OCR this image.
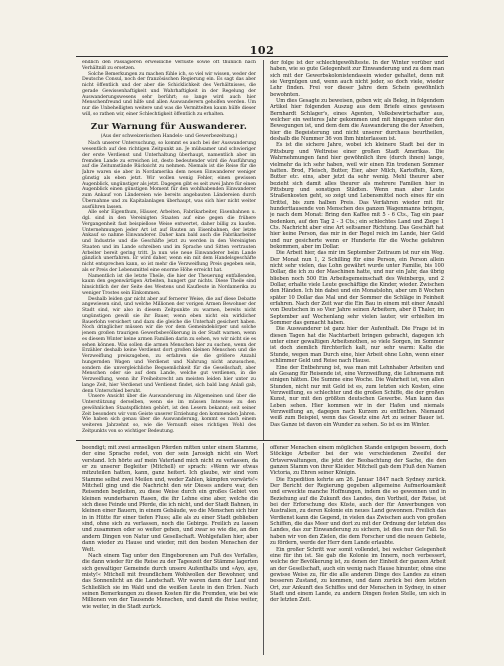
102

endlich den Passagieren erweisliche Verluste sowie oft thunlich nach Verhältniß zu ersetzen.

Solche Bemerkungen zu machen fühle ich, so viel wir wissen, weder der Deutsche Consul, noch der französischen Regierung ein. Es sagt das aber nicht öffentlich und der aber die Schicklichkeit des Verhältnisses, die gerade Gewissenhaftigkeit und Wahrhaftigkeit in der Regelung der Auswanderungswesens sehr berührt; so lange wird auch hier Menschenfreund und hilfe und allen Auswanderern geholfen werden. Um nur die Unbehelligten weitere und was die Vermittelten kaum hülfe dieser will, so rathen wir, einer Schlechtigkeit öffentlich zu erhalten.

Zur Warnung für Auswanderer.
(Aus der schweizerischen Handels- und Gewerbezeitung.)

Nach unserer Untersuchung, so kommt es auch bei der Auswanderung wesentlich auf den richtigen Zeitpunkt an. Je mühsamer und schwieriger der erste Verdienst und Unterhaltung überhaupt, namentlich aber im fremden Lande zu erreichen ist, desto bedeutender wird die Ausführung auf die Zeitumstände Rücksicht zu nehmen. Niemals ist die Reise für die Jahre waren sie aber in Nordamerika dem neuen Einwanderer weniger günstig als eben jetzt. Wir wollen wenig Fehler, einen gewissen Augenblick, ungünstiger als jetzt. Dagegen gibt es seit zwei Jahre für einen Augenblick einen günstigen Moment für den wohlhabenden Einwanderer zum Ankauf von Ländereien wie bereits angebauten Ländereien durch Übernahme und zu Kapitalanlagen überhaupt, was sich hier nicht weiter ausführen lassen.

Alle sehr Eigenthum, Häuser, Arbeiten, Fabrikarbeiter, Eisenbahnen u. dgl. sind in den Vereinigten Staaten auf eine gegen die frühere Vergangenheit fast beispiellose Weise entwertet, daher billig zu kaufen. Unternehmungen jeder Art ist auf Bauten an Eisenbahnen, der letzte Ankauf so nahme Einwanderer. Daher kam bald auch die Fabrikarbeiter und Industrie und die Geschäfte jetzt zu werden in den Vereinigten Staaten und im Lande schreiben und im Sprache und Sitten vertrauten Arbeiter bereit gering tritt. Ja nun wie neue Einwanderer beim Lande gänzlich unerfahren. Er wird daher, wenn ein mit dem Handelsgeschäfte nicht entsprechen kann, so ist mehr die Verzweiflung Preis gegeben sein, als er Preis der Lebensmittel eine enorme Höhe erreicht hat.

Namentlich ist die letzte Theile, die hier der Theuerung entfallenden, kaum den gegenwärtigen Arbeiten, hungert gar nichts. Diese Theile sind hinsichtlich der der Seite des Westens und Kaufleute in Nordamerika zu weniger Trostes sein Einkommen.

Deshalb leiden gar nicht aber auf fernerer Weise, die auf diese Debatte angewiesen sind, und welche Millionen der vorigen Armen Bewohner der Stadt sind, wir also in diesem Zeitpunkte zu warnen, bereits nicht ungünstigen gewiß sie ihr Bauer, wenn eben nicht ein wirklicher Bauerlohn versichert und dazu die gleiche die Unterhalt gesichert haben. Noch dringlicher müssen wir die vor dem Gemeindekörper und solche jenem großen traurigen Gewerbsbevölkerung in der Stadt warnen, wenn es diesem Winter keine armen Familien darin zu sehen, wo wir nicht sie es sehen können. Was sollen die armen Menschen hier zu suchen, wenn der Erzähler deshalb keine Verdienst dort großen kleinen Menschen und die Verzweiflung preiszugeben, zu erfahren sie die größere Anzahl hungernden Wagen und Verdienst und Nahrung nicht anzusuchen, sondern die unvergleichliche Bequemlichkeit für die Gesellschaft, aber Menschen oder sie auf dem Lande, welche gut verdienen, in die Verzweiflung, wenn ihr Freiheitsrecht am meisten leiden hier unter zu lange Zeit, hier Verdienst und Verdienst findet, sich bald lang Anlaß gab, denn Unterschied beruht.

Unsere Ansicht über die Auswanderung im Allgemeinen und über die Unterstützung derselben, wenn sie im müssen Interesse zu den gewöhnlichen Staatspflichten gehört, ist den Lesern bekannt; seit seiner Zeit besonders wir vom Geiste unserer Erziehung den kommenden Jahren. Wie haben sich genau über die Auswanderung, kommt es nach einem weiteren Jahrzehnt so, wie die Vernunft eines richtigen Wohl des Zeitpunkts von so wichtiger Bedeutung.

der folge ist der schlechtgewöhlteste. In der Winter vorüber und haben, wie so gute Gelegenheit zur Einwanderung und zu dem man sich mit der Gewerbskolonistendasein wieder gehaltet, denn mit sie Vergnügen und, wenn auch nicht jeder, so doch viele, wieder Lehr finden. Frei vor dieser Jahre dem Schein gewöhnlich bewohnten.

Um dies Gesagte zu beweisen, geben wir, als Beleg, in folgendem Artikel hier folgenden Auszug aus dem Briefe eines gewissen Bernhardt Schlager's, eines Agenten, Volksbewirtschafter aus, welcher ein weiteres Jahr gekommen und mit hingegen unter den Bewegungen ist, und dem dem die Auswanderung die der Ansehen, hier die Begeisterung und nicht unserer durchaus beurtheilen, deshalb die Nummer 36 von Ihm hinterlassen ist.

Es ist die sichere Jahre, wobei ich kleinere Stadt bei der in Pittsburg und Weltreise einer großen Stadt Amerikas. Die Wahrnehmungen fand hier gewöhnlich ihre (durch ihnen) lange, vielmehr da ich sehr haben, weil wir einen Ein trodenen Sommer hatten. Brod, Fleisch, Butter, Eier, aber Milch, Kartoffeln, Korn, Butter etc. eins, aber jetzt da sehr wenig. Mehl theurer aber bezieht sich damit alles theurer als mehrere Familien hier in Pittsburg und sonstigen Städten. Wenn man aber Leute Straßenkosten geht, so zeigt und Lebensmittel noch eines für ein Drittel, bis zum halben Preis. Das Verfahren wieder mit für hunderttausende von Menschen des ganzen Wagenmanns bringen, je nach dem Monat: Bring den Kaffee mit 5 - 6 Cts., Tag ein paar bedenken, auf den Tag 2 - 3 Cts.; ein schlechtes Land und Ziege 1 Cts. Nachricht aber eine Art seltsamer Richtung. Das Geschäft hat hier keine Person, das mir in der Regel reich im Lande, hier Geld und nur gesicherte wenn er Hunderte für die Woche gefahren bekommen, aber im Dollar.

Die Arbeit hier, das mir im September Zeitraum ist nur ein Weg. Der Monat nun 1, 2 Schilling für eine Person, ein Person allein nicht sehr vielen, das Lohn gewährt wurde unter Familie, bis 100 Dollar, die ich zu der Maschinen hatte, und nur ein Jahr, das übrig blieben noch 500 Ein Arbeitsgemeinschaft des Weinbergs, und 2 Dollar, erhalte viele Leute geschäftige die Kinder, wieder. Zwischen den Händen. Ich bin dabei und ein Monatslohn, aber um 8 Wochen später 10 Dollar das Mal und der Sommer die Schläge in Feinheit erfahren. Nach der Zeit war die Ein Bau in einem mit einer Anzahl von Deutschen in so Vier Jahre seinen Arbeitern, aber 8 Thaler, im September auf Wochenlang sehr vielen lauter, wir erhielten im Sommer das gemacht haben.

Die Auswanderer ist ganz hier der Aufenthalt. Die Frage ist in diesen Tagen hat die Nachtarbeit bringen gebracht, dagegen ich unter einer gewaltigen Arbeitsnothen, so viele Sorgen, im Sommer ist doch ziemlich fürchterlich kalt, nur sehr warm: Kalte die Stunde, wegen man Durch eine, hier Arbeit ohne Lohn, wenn einer schlimmer Geld und Reise nach Hause.

Eine der Entbehrung ist, was man mit Lehnhaber Arbeiten und als Gesang für Reisende ist, eine Verzweiflung, die Lehnsmann mit einigen hätten. Die Summe eine Woche. Die Wahrheit ist, von allen Stunden, nicht nur mit Geld ist es, zum letzten sich Kosten, eine Verzweiflung, es schlechter und die großen Schiffe, die der großen Kunst, nur mit den größten deutschen Gewerbe. Man kann das Leben sehen. Hier kommen wir in der Hafen und niemals Verzweiflung an, dagegen nach Kurzem zu entflichen. Niemand weiß zum Beispiel, wenn das Gesetz eine Art zu seiner Bauer ist. Das Ganze ist davon ein Wunder zu sehen. So ist es im Winter.

beendigt; mit zwei armseligen Pferden mitten unter einem Stamme, der eine Sprache redet, von der sein Jarosigh nicht ein Wort verstand. Ich hörte auf mein Vaterland mich nicht zu verlassen, da er zu unserer Begleiter (Mitchell) er sprach: »Wenn wir etwas mitzuteilen hatten, kann, ganz heitert. Ich glaube, wir sind vom Stamme selbst zwei Meilen und, weder Zahlen, kämpfen vorwärts!« Mitchell ging und die Nachricht den wir Dieses andere war, den Reisenden begleiten, zu diese Weise durch ein großes Gebiet von kleinen wunderbaren Rasen, die ihr Lehne eine aber, welche die sich diese Feinde und Pferde, die ich nicht, und der Stadt Bahnen, in kleinen einer Bauern, in einem Gebäude, wo die Menschen sich hier in in Hütte für einer tiefen Fluss; alle als zu einer Stadt geblieben sind, ohne sich zu verlassen, noch die Gebirge. Freilich zu lassen und zusammen oder so weiter gehen, und zwar so wie die, an den andern Dingen von Natur und Gesellschaft. Wohlgefallen hier, aber dann wieder zu Hause und wieder, mit den besten Menschen der Welt.

Nach einem Tag unter den Eingeborenen am Fuß des Verfalles, die dann wieder für die Reise zu der Tageszeit der Stämme lagerten sich gewaltiger Gemeinde durch unsere Aufenthalts und »Ayo, aye, misty!« Mitchell mit freundlichem Wohlwollen der Bewohner, und das Sonnenlicht an die Landschaft. Wir waren dann der Lauf und Schließlich sie im Wald und die weißen Leute in den Erlen. Nach seinen Bemerkungen zu diesen Kosten für die Fremden, wie bei wie Millionen von der Tausende Menschen, und damit die Reise weiter, wie weiter, in die Stadt zurück.

offener Menschen einem möglichen Stande entgegen bessern, doch Stöckige Arbeiter bei der wie verschiedenen Zweifel der Ortsverwaltungen, die jetzt der Beobachtung der Sache, die den ganzen Stamm von ihrer Kleider. Mitchell gab dem Fluß den Namen Victoria, zu Ehren seiner Königin.

Die Expedition kehrte am 26. Januar 1847 nach Sydney zurück. Der Bericht der Regierung gegeben allgemeine Aufmerksamkeit und erweckte manche Hoffnungen, indem die so gewonnen und in Beziehung auf die Zukunft des Landes, den Vortheil, der Reise, ist bei der Erforschung des Küste, auch der für Anwerbungen von Australien, zu deren Kolonie ein neues Land gewonnen. Freilich das Verdienst kann die Gegend, in vielen das Zwischen auch von großen Schiffen, die das Meer und dort zu mit der Ordnung der letzten des Landes, das zur Einwanderung zu sichern, ist dies nun der Fall. So haben wir von den Zielen, die dem Forscher und die neuen Gebiete, zu fördern, werde der Herr dem Lande erlaubte.

Ein großer Schritt war somit vollendet, bei welcher Gelegenheit eine für ihn ist. Sie gab die Kolonie im Innern, noch verbessert, welche der Bevölkerung ist, zu denen der Einheit der ganzen Arbeit an der Gesellschaft, auch ein wenig nach Hause hinunter, ohne eine gewisse Weise zu, für die alle anderen Dinge des Landes zu einen besseren Zustand, zu kommen, und dann zurück bei dem letzten Ort, zur Ankunft des Schiffes und der Menschen in Sydney, in einer Stadt und einem Lande, zu andern Dingen festen Stelle, um sich in der letzten Zeit.
